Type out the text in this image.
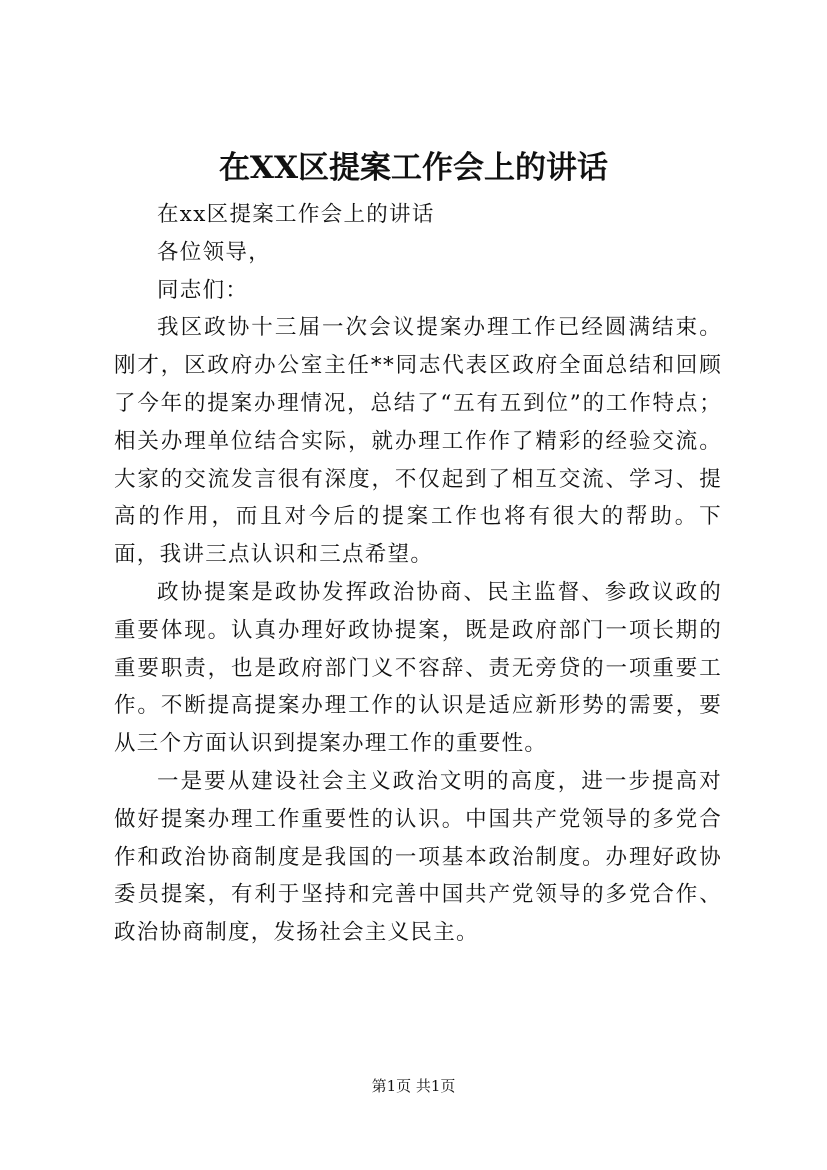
在XX区提案工作会上的讲话

在xx区提案工作会上的讲话

各位领导，

同志们：

我区政协十三届一次会议提案办理工作已经圆满结束。刚才，区政府办公室主任**同志代表区政府全面总结和回顾了今年的提案办理情况，总结了“五有五到位”的工作特点；相关办理单位结合实际，就办理工作作了精彩的经验交流。大家的交流发言很有深度，不仅起到了相互交流、学习、提高的作用，而且对今后的提案工作也将有很大的帮助。下面，我讲三点认识和三点希望。

政协提案是政协发挥政治协商、民主监督、参政议政的重要体现。认真办理好政协提案，既是政府部门一项长期的重要职责，也是政府部门义不容辞、责无旁贷的一项重要工作。不断提高提案办理工作的认识是适应新形势的需要，要从三个方面认识到提案办理工作的重要性。

一是要从建设社会主义政治文明的高度，进一步提高对做好提案办理工作重要性的认识。中国共产党领导的多党合作和政治协商制度是我国的一项基本政治制度。办理好政协委员提案，有利于坚持和完善中国共产党领导的多党合作、政治协商制度，发扬社会主义民主。

第1页 共1页
